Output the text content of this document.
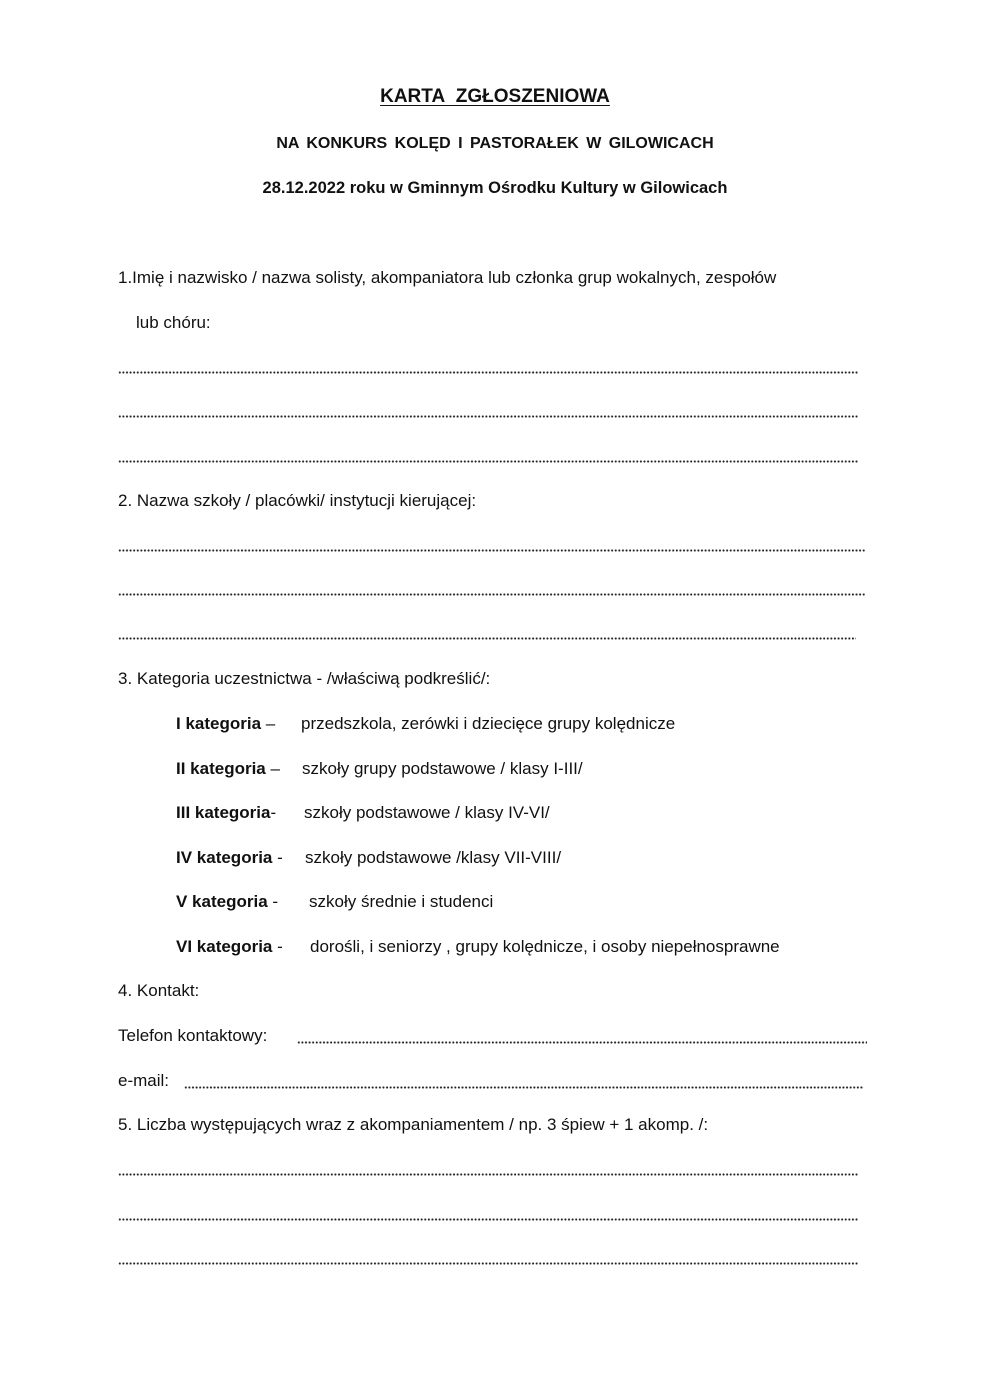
KARTA ZGŁOSZENIOWA
NA KONKURS KOLĘD I PASTORAŁEK W GILOWICACH
28.12.2022 roku w Gminnym Ośrodku Kultury w Gilowicach
1.Imię i nazwisko / nazwa solisty, akompaniatora lub członka grup wokalnych, zespołów
lub chóru:
2. Nazwa szkoły / placówki/ instytucji kierującej:
3. Kategoria uczestnictwa - /właściwą podkreślić/:
I kategoria – przedszkola, zerówki i dziecięce grupy kolędnicze
II kategoria – szkoły grupy podstawowe / klasy I-III/
III kategoria- szkoły podstawowe / klasy IV-VI/
IV kategoria - szkoły podstawowe /klasy VII-VIII/
V kategoria - szkoły średnie i studenci
VI kategoria - dorośli, i seniorzy , grupy kolędnicze, i osoby niepełnosprawne
4. Kontakt:
Telefon kontaktowy:
e-mail:
5. Liczba występujących wraz z akompaniamentem / np. 3 śpiew + 1 akomp. /:
